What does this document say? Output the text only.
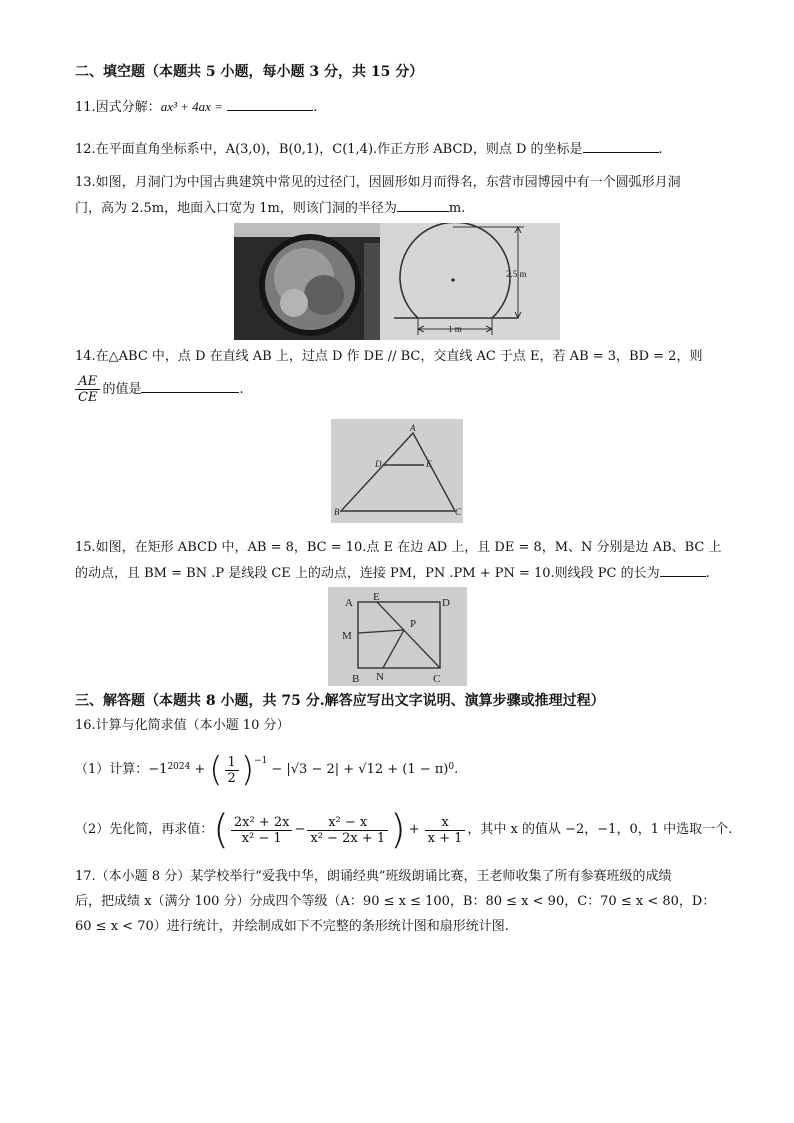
二、填空题（本题共 5 小题，每小题 3 分，共 15 分）
11.因式分解：ax³ + 4ax =	.
12.在平面直角坐标系中，A(3,0)，B(0,1)，C(1,4).作正方形 ABCD，则点 D 的坐标是	.
13.如图，月洞门为中国古典建筑中常见的过径门，因圆形如月而得名，东营市园博园中有一个圆弧形月洞
门，高为 2.5m，地面入口宽为 1m，则该门洞的半径为	m.
2.5 m
1 m
14.在△ABC 中，点 D 在直线 AB 上，过点 D 作 DE // BC，交直线 AC 于点 E，若 AB = 3，BD = 2，则
$\frac{AE}{CE}$ 的值是	.
A
B	C
D	E
15.如图，在矩形 ABCD 中，AB = 8，BC = 10.点 E 在边 AD 上，且 DE = 8，M、N 分别是边 AB、BC 上
的动点，且 BM = BN .P 是线段 CE 上的动点，连接 PM，PN .PM + PN = 10.则线段 PC 的长为	.
A	D
E
M
P
B N	C
三、解答题（本题共 8 小题，共 75 分.解答应写出文字说明、演算步骤或推理过程）
16.计算与化简求值（本小题 10 分）
（1）计算： $-1^{2024}$ + ( $\frac{1}{2} )^{-1}$
− $|√3 - 2| + √12 + (1 - \pi)^0$ .
（2）先化简，再求值： ( $\frac{\text{2x² + 2x}}{\text{x² − 1}} - \frac{\text{x² − x}}{\text{x² − 2x + 1}}$ ) + $\frac{x}{x + 1}$ ，其中 x 的值从 −2，−1，0，1 中选取一个.
17.（本小题 8 分）某学校举行“爱我中华，朗诵经典”班级朗诵比赛，王老师收集了所有参赛班级的成绩
后，把成绩 x（满分 100 分）分成四个等级（A：90 ≤ x ≤ 100，B：80 ≤ x < 90，C：70 ≤ x < 80，D：
60 ≤ x < 70）进行统计，并绘制成如下不完整的条形统计图和扇形统计图.
